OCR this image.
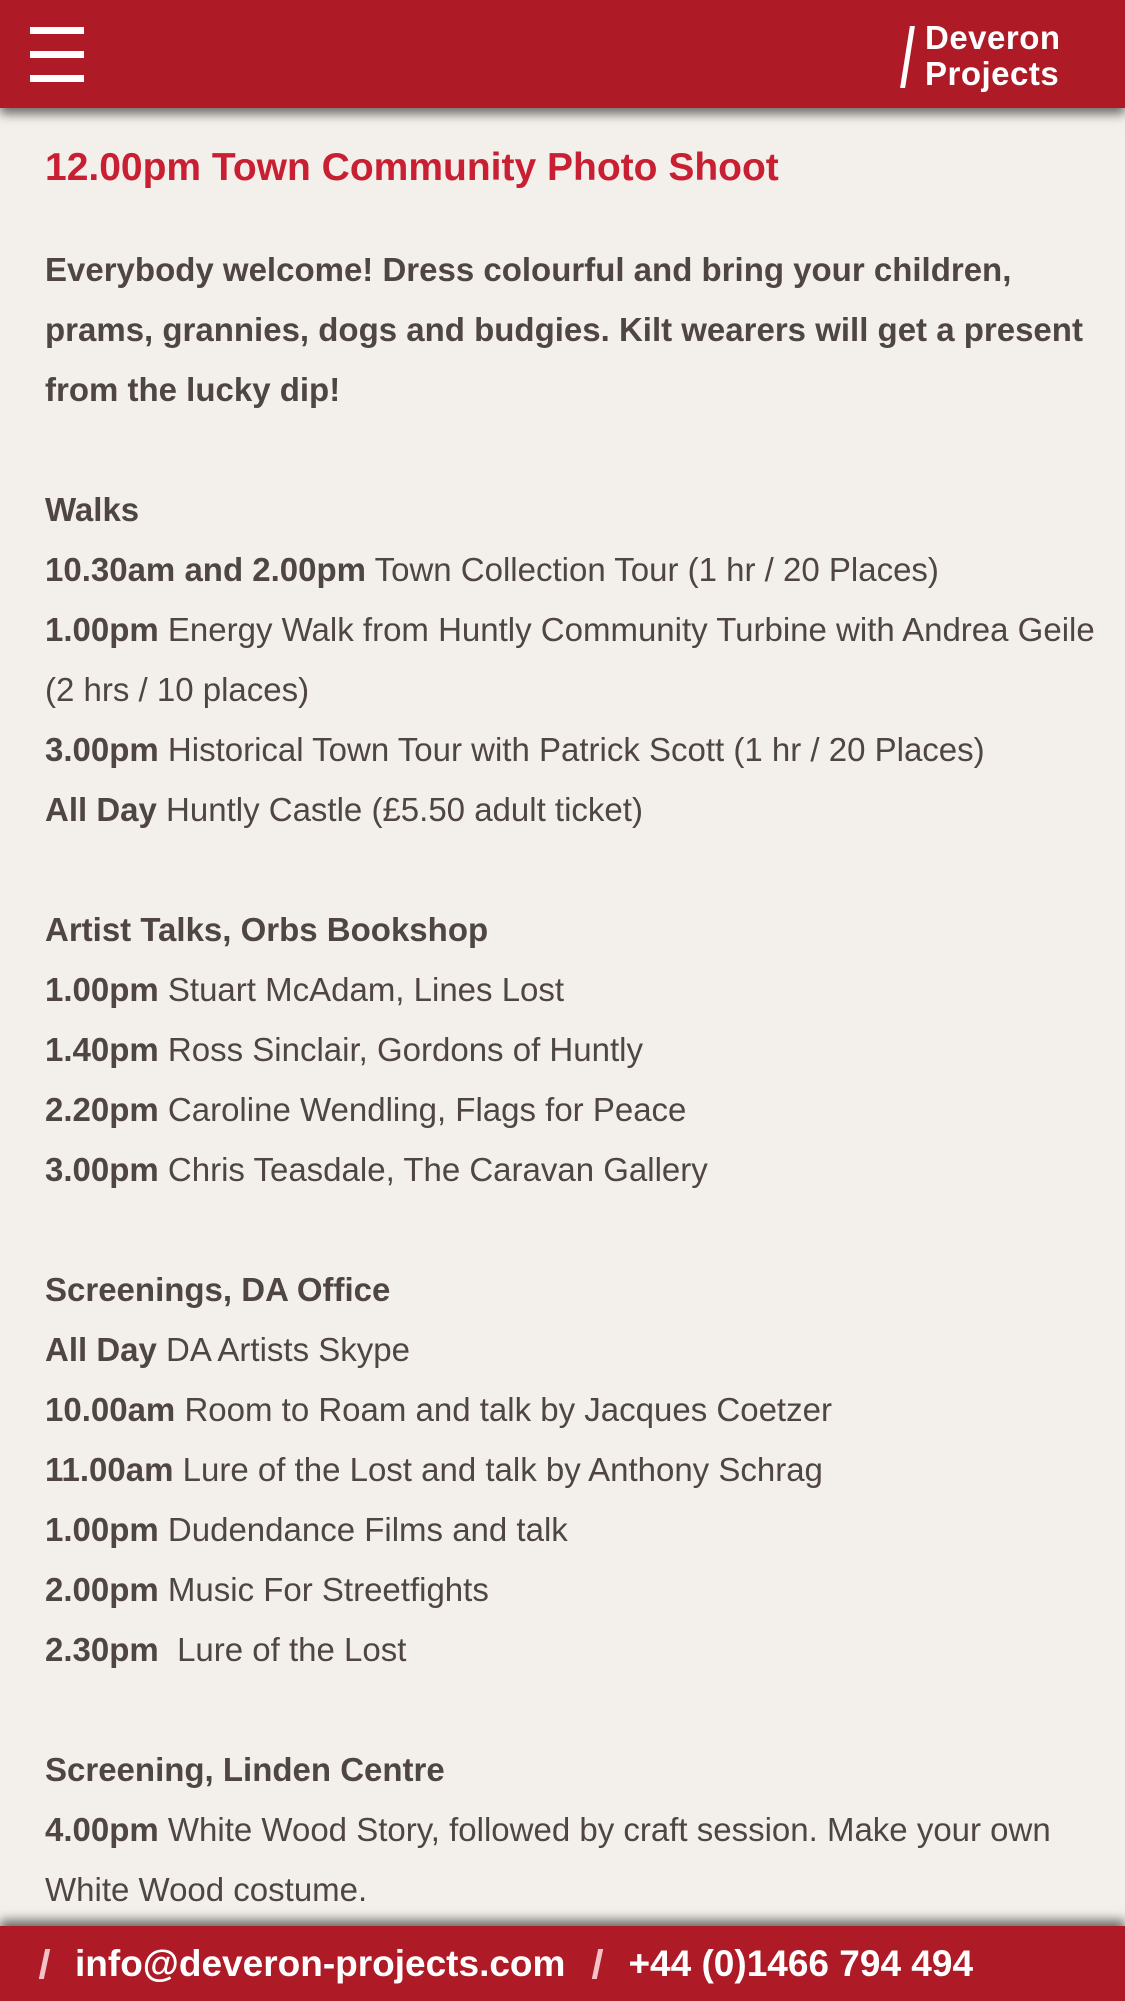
Deveron
Projects
12.00pm Town Community Photo Shoot

Everybody welcome! Dress colourful and bring your children, prams, grannies, dogs and budgies. Kilt wearers will get a present from the lucky dip!

Walks
10.30am and 2.00pm Town Collection Tour (1 hr / 20 Places)
1.00pm Energy Walk from Huntly Community Turbine with Andrea Geile (2 hrs / 10 places)
3.00pm Historical Town Tour with Patrick Scott (1 hr / 20 Places)
All Day Huntly Castle (£5.50 adult ticket)
Artist Talks, Orbs Bookshop
1.00pm Stuart McAdam, Lines Lost
1.40pm Ross Sinclair, Gordons of Huntly
2.20pm Caroline Wendling, Flags for Peace
3.00pm Chris Teasdale, The Caravan Gallery
Screenings, DA Office
All Day DA Artists Skype
10.00am Room to Roam and talk by Jacques Coetzer
11.00am Lure of the Lost and talk by Anthony Schrag
1.00pm Dudendance Films and talk
2.00pm Music For Streetfights
2.30pm  Lure of the Lost
Screening, Linden Centre
4.00pm White Wood Story, followed by craft session. Make your own White Wood costume.
info@deveron-projects.com +44 (0)1466 794 494
